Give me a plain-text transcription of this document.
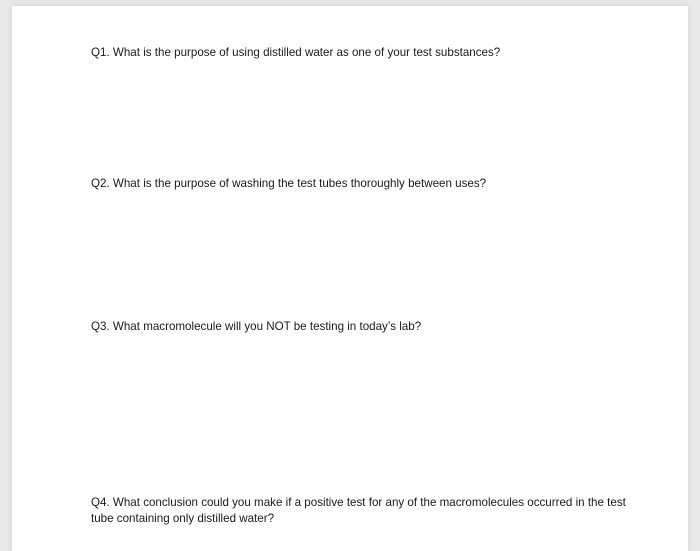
Q1. What is the purpose of using distilled water as one of your test substances?

Q2. What is the purpose of washing the test tubes thoroughly between uses?

Q3. What macromolecule will you NOT be testing in today’s lab?

Q4. What conclusion could you make if a positive test for any of the macromolecules occurred in the test tube containing only distilled water?
